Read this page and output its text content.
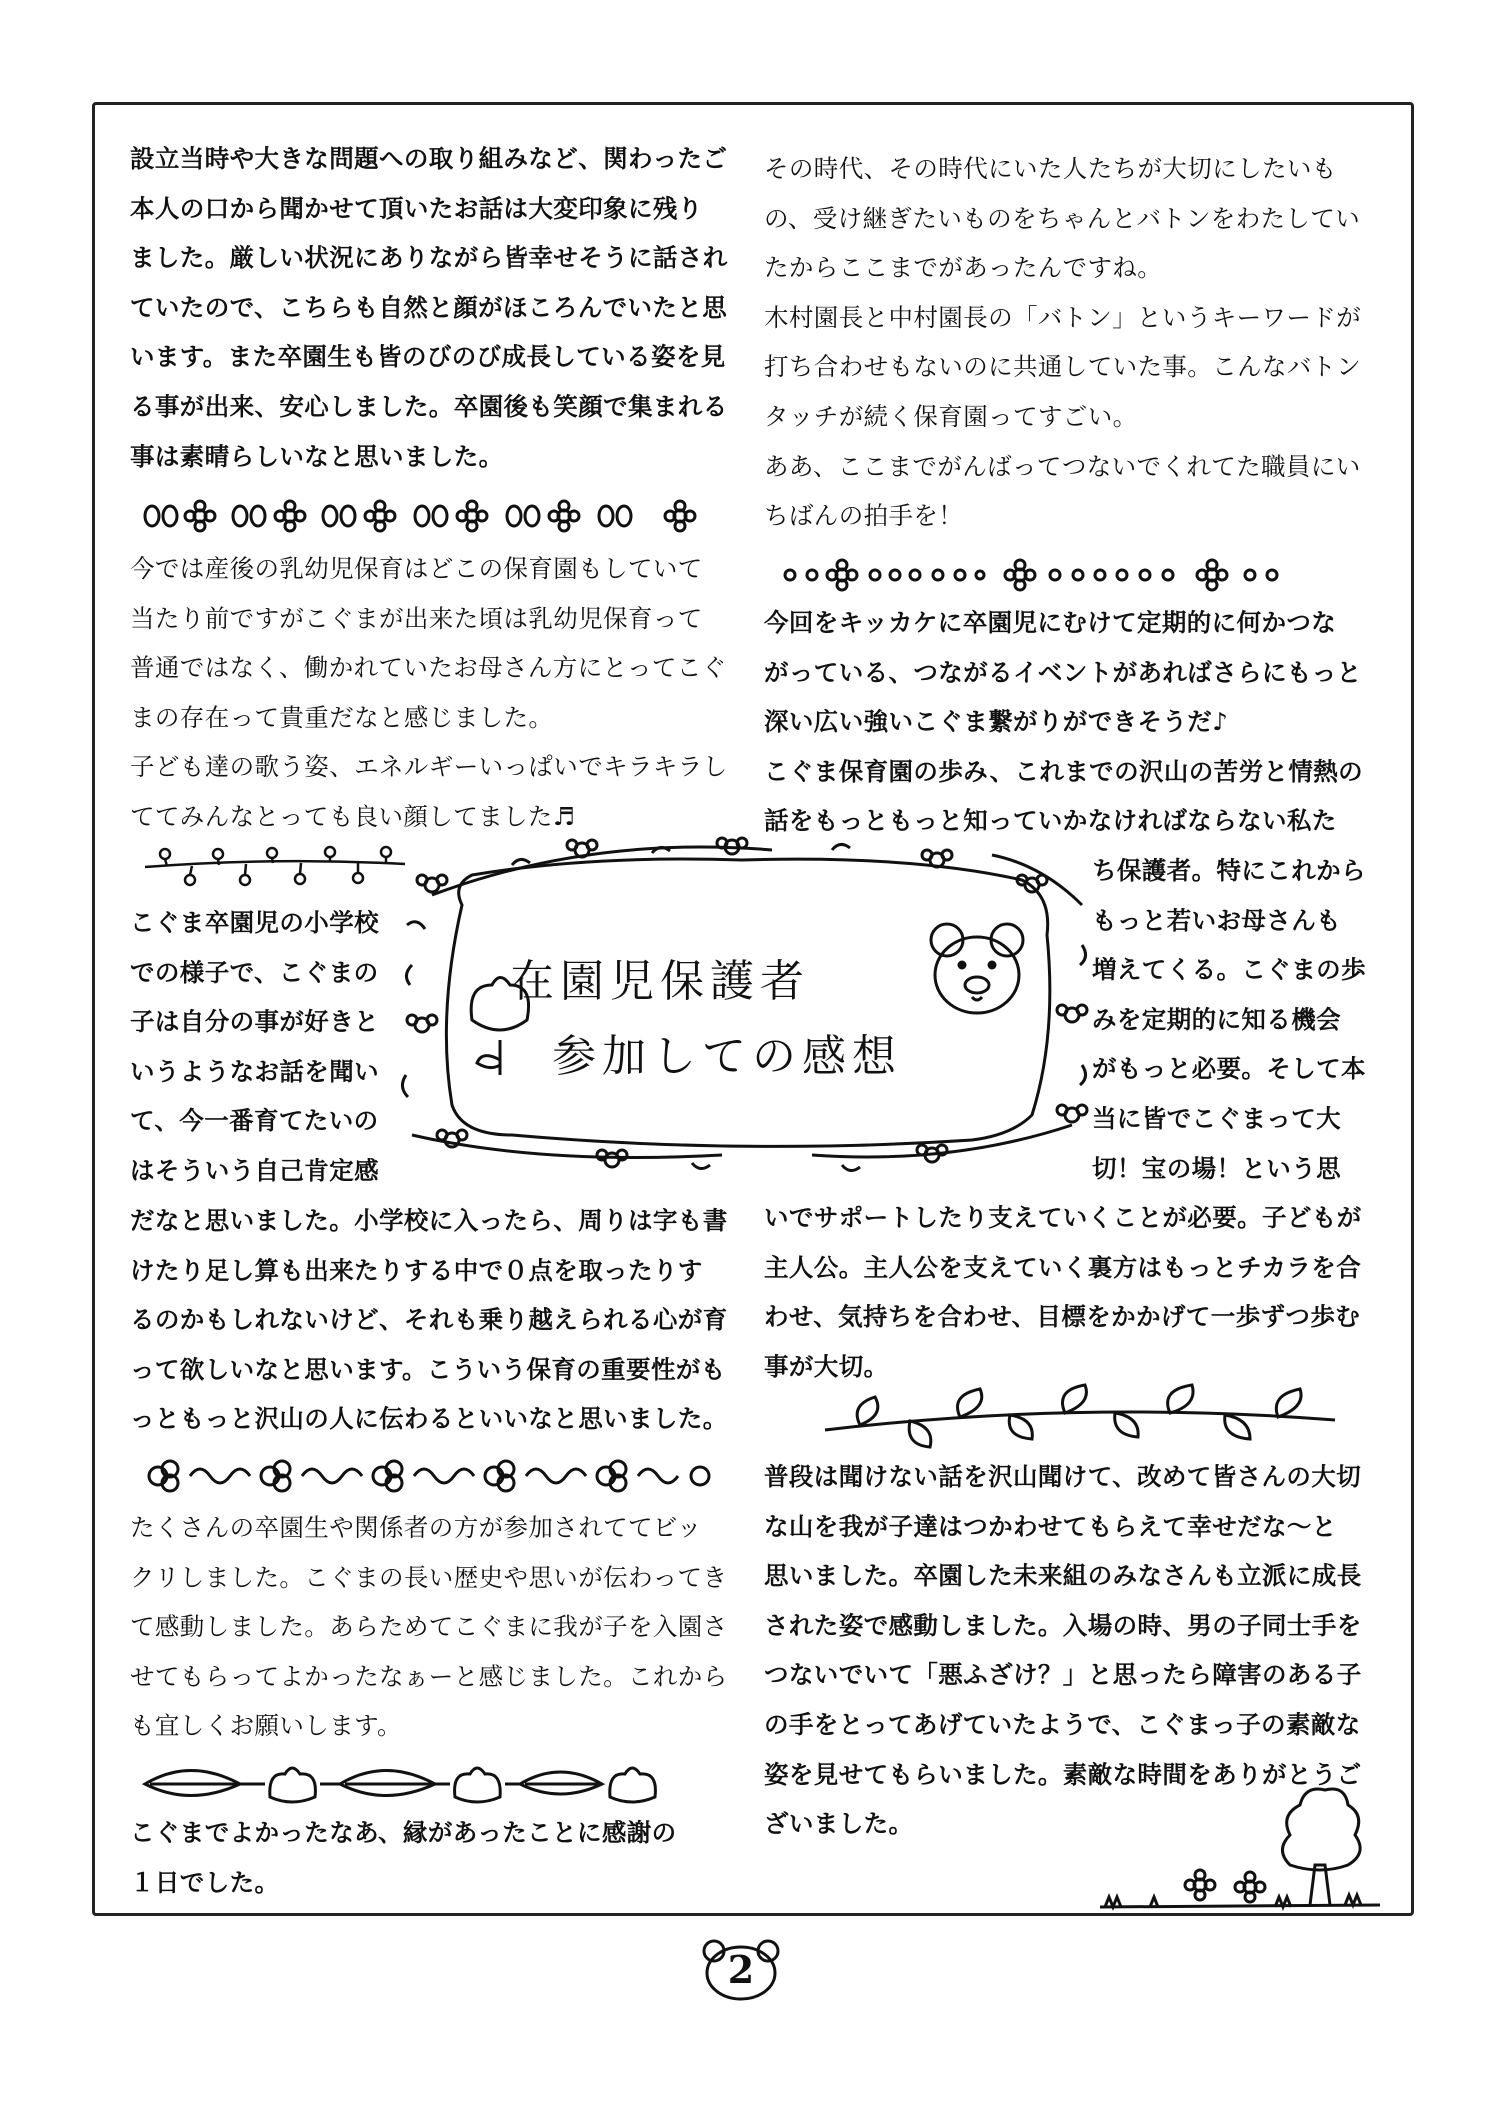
設立当時や大きな問題への取り組みなど、関わったご

本人の口から聞かせて頂いたお話は大変印象に残り

ました。厳しい状況にありながら皆幸せそうに話され

ていたので、こちらも自然と顔がほころんでいたと思

います。また卒園生も皆のびのび成長している姿を見

る事が出来、安心しました。卒園後も笑顔で集まれる

事は素晴らしいなと思いました。

今では産後の乳幼児保育はどこの保育園もしていて

当たり前ですがこぐまが出来た頃は乳幼児保育って

普通ではなく、働かれていたお母さん方にとってこぐ

まの存在って貴重だなと感じました。

子ども達の歌う姿、エネルギーいっぱいでキラキラし

ててみんなとっても良い顔してました♬

こぐま卒園児の小学校

での様子で、こぐまの

子は自分の事が好きと

いうようなお話を聞い

て、今一番育てたいの

はそういう自己肯定感

だなと思いました。小学校に入ったら、周りは字も書

けたり足し算も出来たりする中で０点を取ったりす

るのかもしれないけど、それも乗り越えられる心が育

って欲しいなと思います。こういう保育の重要性がも

っともっと沢山の人に伝わるといいなと思いました。

たくさんの卒園生や関係者の方が参加されててビッ

クリしました。こぐまの長い歴史や思いが伝わってき

て感動しました。あらためてこぐまに我が子を入園さ

せてもらってよかったなぁーと感じました。これから

も宜しくお願いします。

こぐまでよかったなあ、縁があったことに感謝の

１日でした。

その時代、その時代にいた人たちが大切にしたいも

の、受け継ぎたいものをちゃんとバトンをわたしてい

たからここまでがあったんですね。

木村園長と中村園長の「バトン」というキーワードが

打ち合わせもないのに共通していた事。こんなバトン

タッチが続く保育園ってすごい。

ああ、ここまでがんばってつないでくれてた職員にい

ちばんの拍手を！

今回をキッカケに卒園児にむけて定期的に何かつな

がっている、つながるイベントがあればさらにもっと

深い広い強いこぐま繋がりができそうだ♪

こぐま保育園の歩み、これまでの沢山の苦労と情熱の

話をもっともっと知っていかなければならない私た

ち保護者。特にこれから

もっと若いお母さんも

増えてくる。こぐまの歩

みを定期的に知る機会

がもっと必要。そして本

当に皆でこぐまって大

切！宝の場！という思

いでサポートしたり支えていくことが必要。子どもが

主人公。主人公を支えていく裏方はもっとチカラを合

わせ、気持ちを合わせ、目標をかかげて一歩ずつ歩む

事が大切。

普段は聞けない話を沢山聞けて、改めて皆さんの大切

な山を我が子達はつかわせてもらえて幸せだな～と

思いました。卒園した未来組のみなさんも立派に成長

された姿で感動しました。入場の時、男の子同士手を

つないでいて「悪ふざけ？」と思ったら障害のある子

の手をとってあげていたようで、こぐまっ子の素敵な

姿を見せてもらいました。素敵な時間をありがとうご

ざいました。

在園児保護者
参加しての感想
2
